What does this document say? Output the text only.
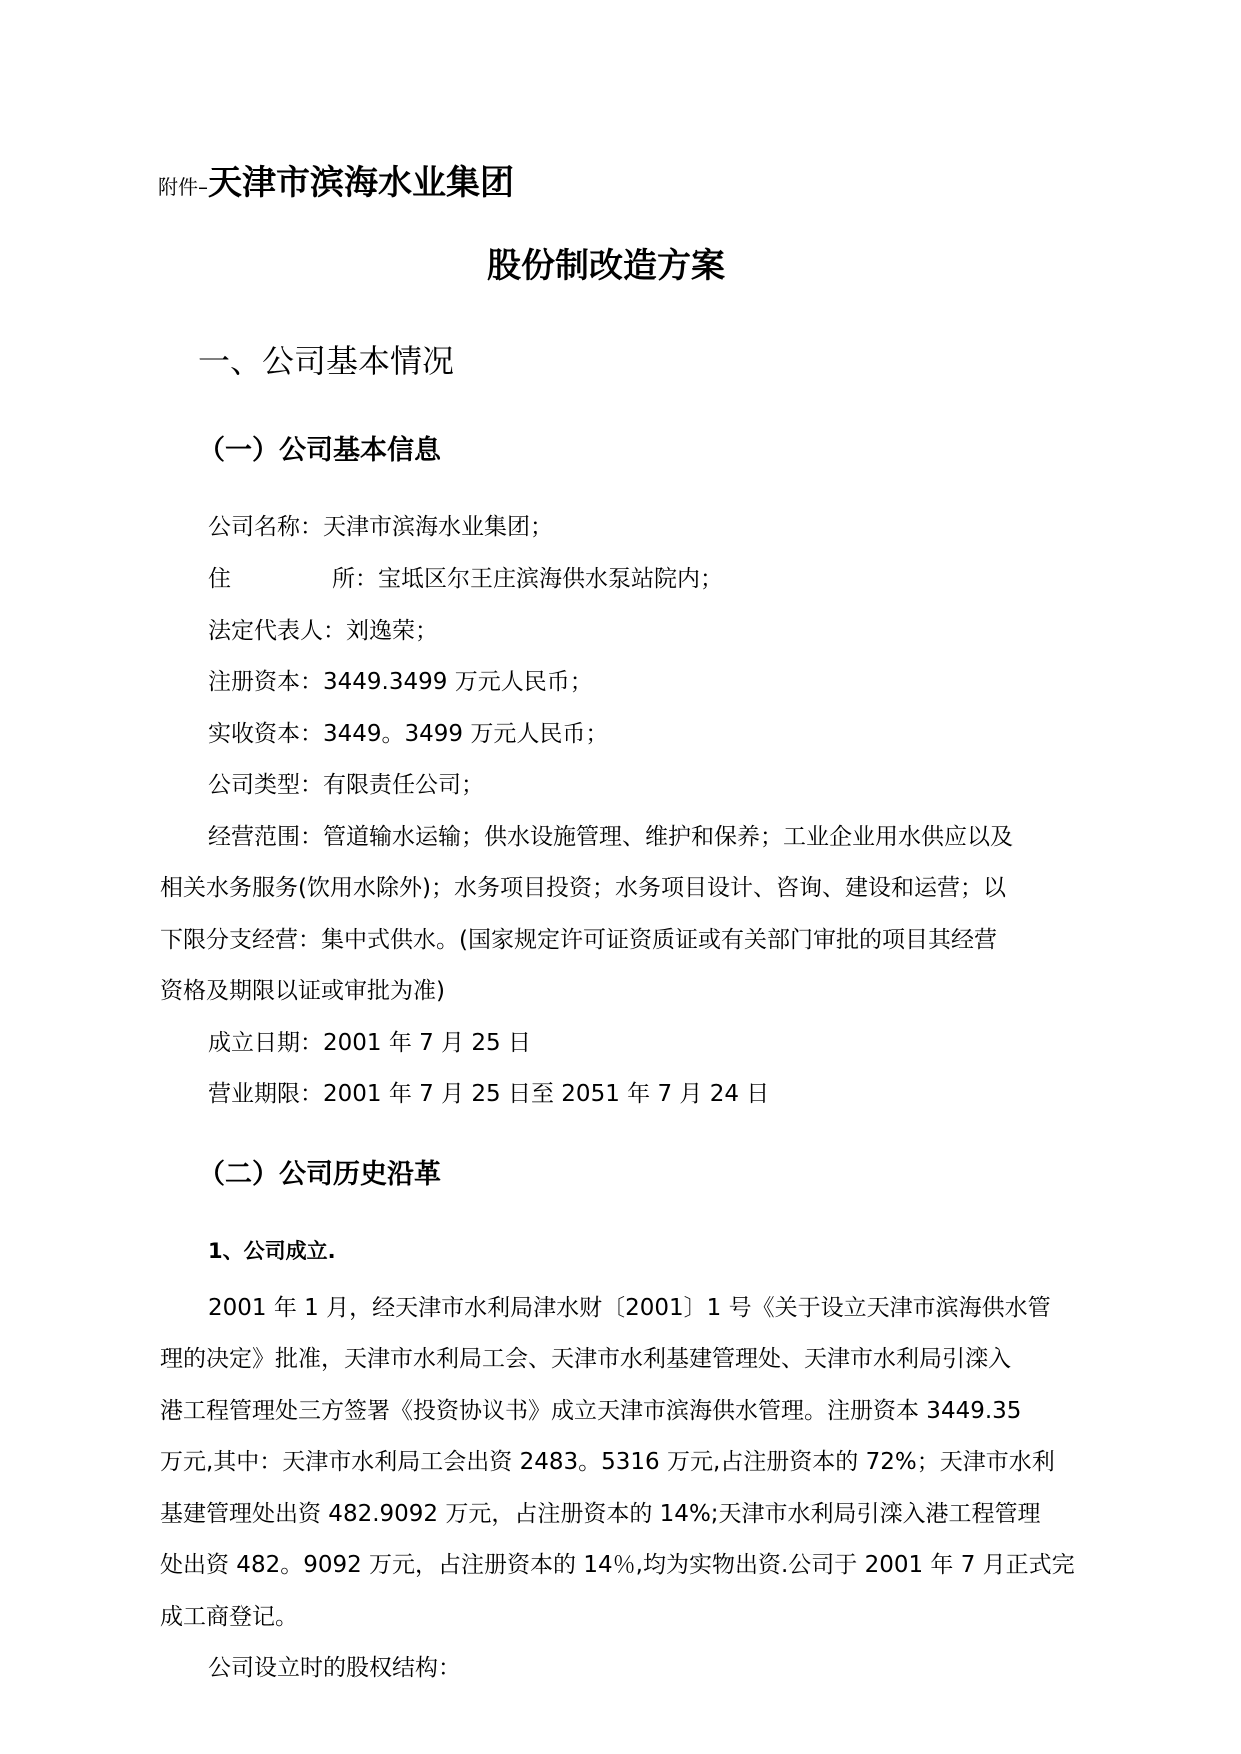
附件–天津市滨海水业集团
股份制改造方案
一、公司基本情况
（一）公司基本信息
公司名称：天津市滨海水业集团；
住	所：宝坻区尔王庄滨海供水泵站院内；
法定代表人：刘逸荣；
注册资本：3449.3499 万元人民币；
实收资本：3449。3499 万元人民币；
公司类型：有限责任公司；
经营范围：管道输水运输；供水设施管理、维护和保养；工业企业用水供应以及
相关水务服务(饮用水除外)；水务项目投资；水务项目设计、咨询、建设和运营；以
下限分支经营：集中式供水。(国家规定许可证资质证或有关部门审批的项目其经营
资格及期限以证或审批为准)
成立日期：2001 年 7 月 25 日
营业期限：2001 年 7 月 25 日至 2051 年 7 月 24 日
（二）公司历史沿革
1、公司成立.
2001 年 1 月，经天津市水利局津水财〔2001〕1 号《关于设立天津市滨海供水管
理的决定》批准，天津市水利局工会、天津市水利基建管理处、天津市水利局引滦入
港工程管理处三方签署《投资协议书》成立天津市滨海供水管理。注册资本 3449.35
万元,其中：天津市水利局工会出资 2483。5316 万元,占注册资本的 72%；天津市水利
基建管理处出资 482.9092 万元，占注册资本的 14%;天津市水利局引滦入港工程管理
处出资 482。9092 万元，占注册资本的 14％,均为实物出资.公司于 2001 年 7 月正式完
成工商登记。
公司设立时的股权结构：
